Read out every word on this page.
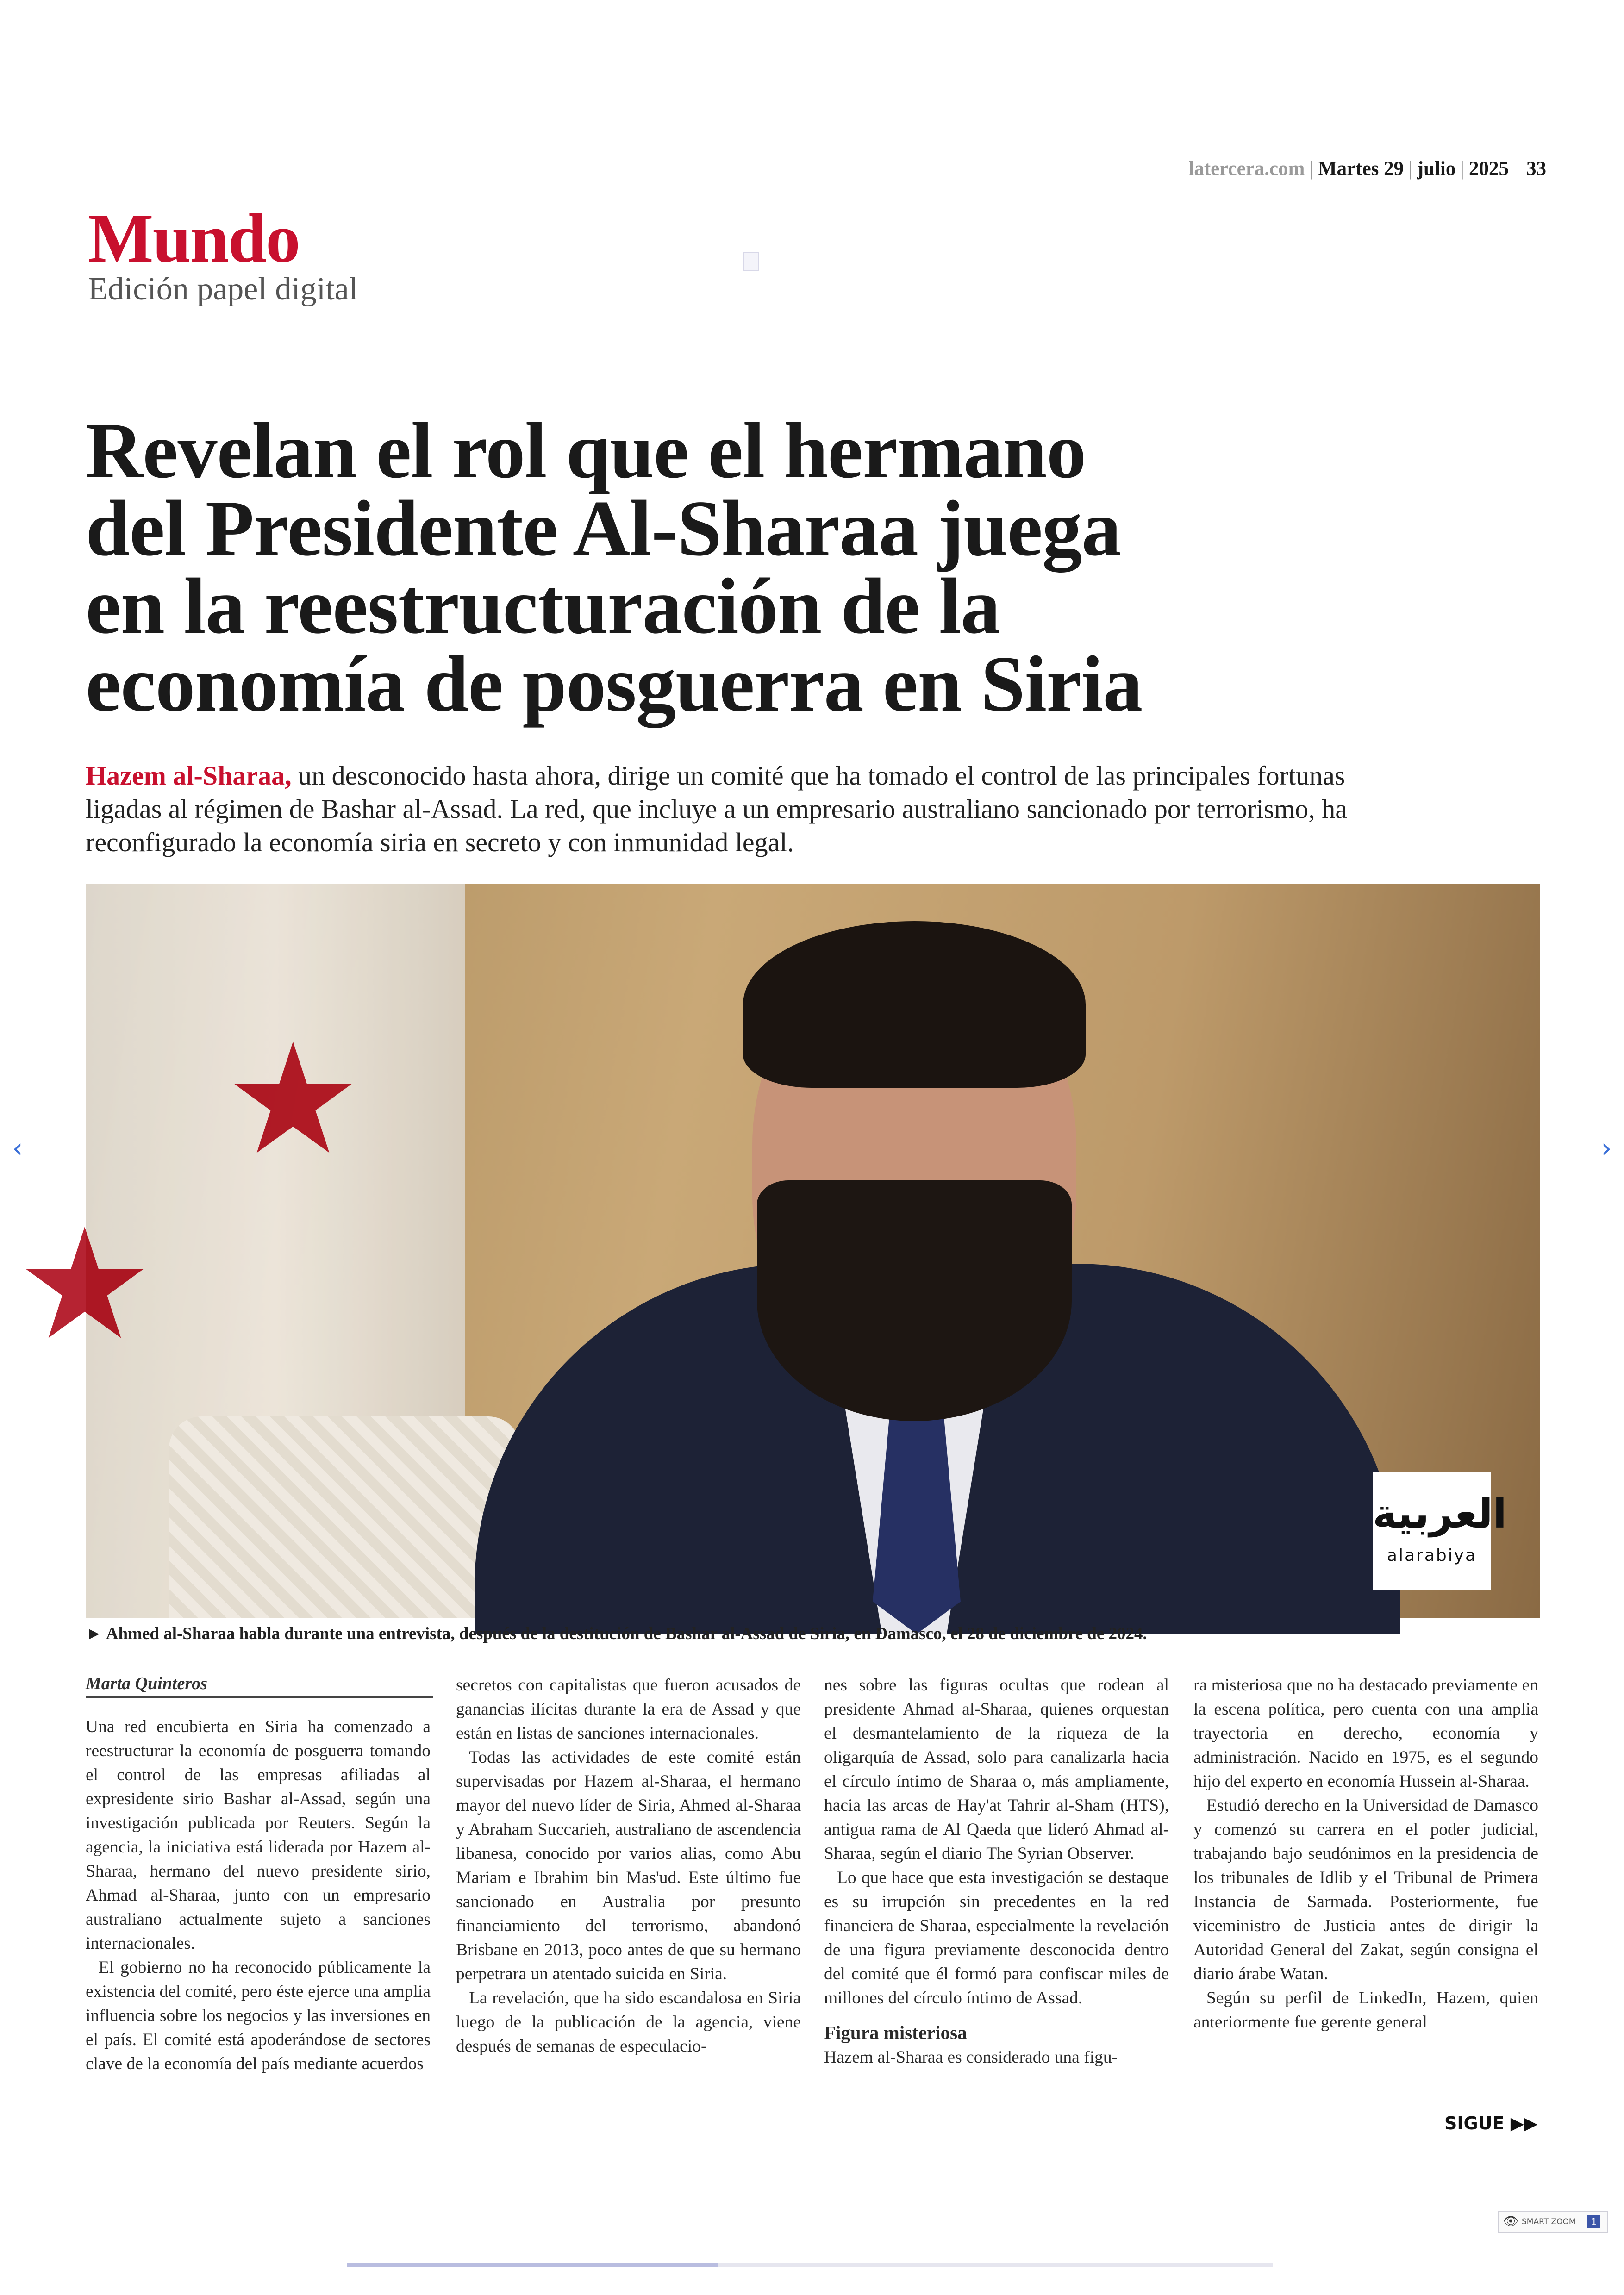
latercera.com | Martes 29 | julio | 2025 33
Mundo
Edición papel digital
Revelan el rol que el hermano
del Presidente Al-Sharaa juega
en la reestructuración de la
economía de posguerra en Siria
Hazem al-Sharaa, un desconocido hasta ahora, dirige un comité que ha tomado el control de las principales fortunas ligadas al régimen de Bashar al-Assad. La red, que incluye a un empresario australiano sancionado por terrorismo, ha reconfigurado la economía siria en secreto y con inmunidad legal.
★
★
العربية
alarabiya
► Ahmed al-Sharaa habla durante una entrevista, después de la destitución de Bashar al-Assad de Siria, en Damasco, el 28 de diciembre de 2024.
Marta Quinteros

Una red encubierta en Siria ha comenzado a reestructurar la economía de posguerra tomando el control de las empresas afiliadas al expresidente sirio Bashar al-Assad, según una investigación publicada por Reuters. Según la agencia, la iniciativa está liderada por Hazem al-Sharaa, hermano del nuevo presidente sirio, Ahmad al-Sharaa, junto con un empresario australiano actualmente sujeto a sanciones internacionales.

El gobierno no ha reconocido públicamente la existencia del comité, pero éste ejerce una amplia influencia sobre los negocios y las inversiones en el país. El comité está apoderándose de sectores clave de la economía del país mediante acuerdos

secretos con capitalistas que fueron acusados de ganancias ilícitas durante la era de Assad y que están en listas de sanciones internacionales.

Todas las actividades de este comité están supervisadas por Hazem al-Sharaa, el hermano mayor del nuevo líder de Siria, Ahmed al-Sharaa y Abraham Succarieh, australiano de ascendencia libanesa, conocido por varios alias, como Abu Mariam e Ibrahim bin Mas'ud. Este último fue sancionado en Australia por presunto financiamiento del terrorismo, abandonó Brisbane en 2013, poco antes de que su hermano perpetrara un atentado suicida en Siria.

La revelación, que ha sido escandalosa en Siria luego de la publicación de la agencia, viene después de semanas de especulacio-

nes sobre las figuras ocultas que rodean al presidente Ahmad al-Sharaa, quienes orquestan el desmantelamiento de la riqueza de la oligarquía de Assad, solo para canalizarla hacia el círculo íntimo de Sharaa o, más ampliamente, hacia las arcas de Hay'at Tahrir al-Sham (HTS), antigua rama de Al Qaeda que lideró Ahmad al-Sharaa, según el diario The Syrian Observer.

Lo que hace que esta investigación se destaque es su irrupción sin precedentes en la red financiera de Sharaa, especialmente la revelación de una figura previamente desconocida dentro del comité que él formó para confiscar miles de millones del círculo íntimo de Assad.

Figura misteriosa

Hazem al-Sharaa es considerado una figu-

ra misteriosa que no ha destacado previamente en la escena política, pero cuenta con una amplia trayectoria en derecho, economía y administración. Nacido en 1975, es el segundo hijo del experto en economía Hussein al-Sharaa.

Estudió derecho en la Universidad de Damasco y comenzó su carrera en el poder judicial, trabajando bajo seudónimos en la presidencia de los tribunales de Idlib y el Tribunal de Primera Instancia de Sarmada. Posteriormente, fue viceministro de Justicia antes de dirigir la Autoridad General del Zakat, según consigna el diario árabe Watan.

Según su perfil de LinkedIn, Hazem, quien anteriormente fue gerente general

SIGUE ▶▶
‹	›
👁 SMART ZOOM	1
